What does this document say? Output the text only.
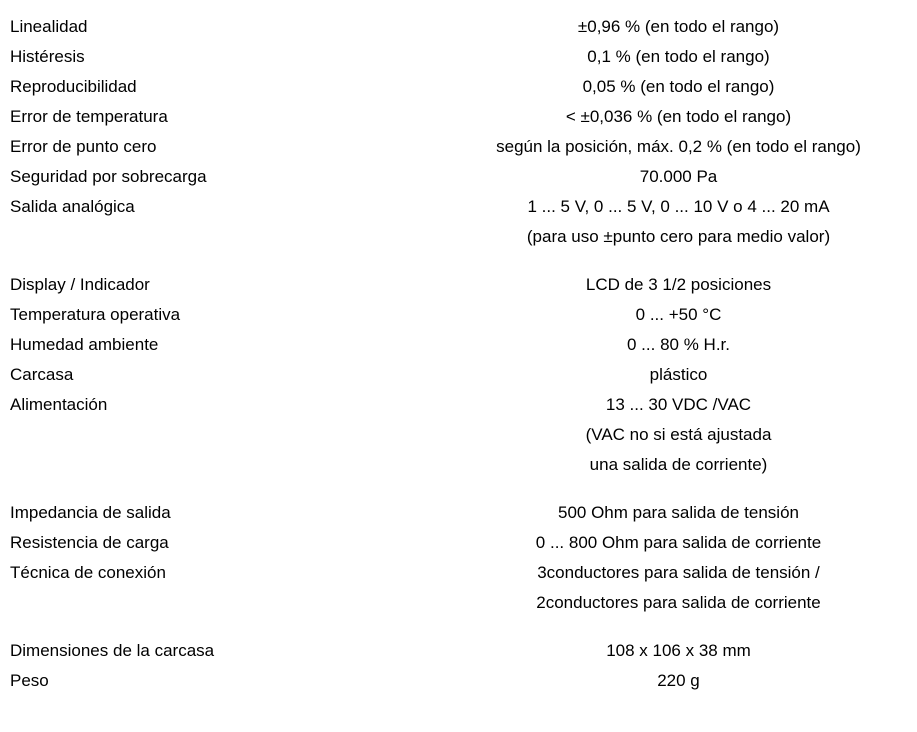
Linealidad	±0,96 % (en todo el rango)
Histéresis	0,1 % (en todo el rango)
Reproducibilidad	0,05 % (en todo el rango)
Error de temperatura	< ±0,036 % (en todo el rango)
Error de punto cero	según la posición, máx. 0,2 % (en todo el rango)
Seguridad por sobrecarga	70.000 Pa
Salida analógica	1 ... 5 V, 0 ... 5 V, 0 ... 10 V o 4 ... 20 mA
(para uso ±punto cero para medio valor)
Display / Indicador	LCD de 3 1/2 posiciones
Temperatura operativa	0 ... +50 °C
Humedad ambiente	0 ... 80 % H.r.
Carcasa	plástico
Alimentación	13 ... 30 VDC /VAC
(VAC no si está ajustada
una salida de corriente)
Impedancia de salida	500 Ohm para salida de tensión
Resistencia de carga	0 ... 800 Ohm para salida de corriente
Técnica de conexión	3conductores para salida de tensión /
2conductores para salida de corriente
Dimensiones de la carcasa	108 x 106 x 38 mm
Peso	220 g
